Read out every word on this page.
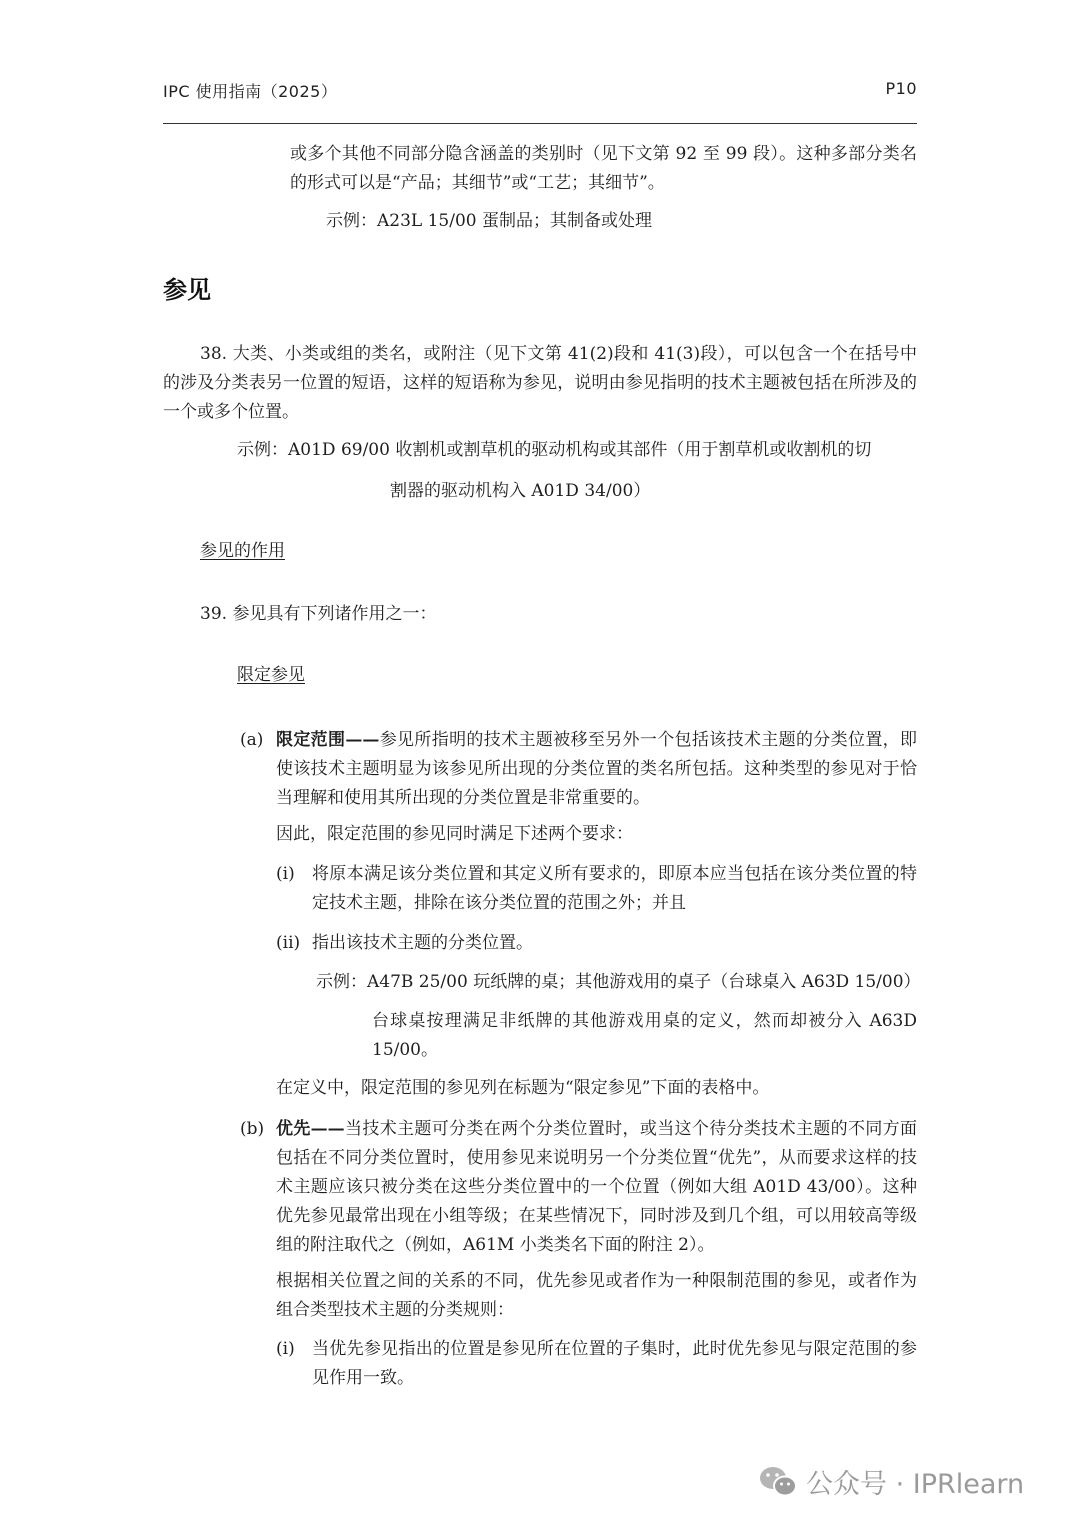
IPC 使用指南（2025）	P10

或多个其他不同部分隐含涵盖的类别时（见下文第 92 至 99 段）。这种多部分类名的形式可以是“产品；其细节”或“工艺；其细节”。

示例：A23L 15/00 蛋制品；其制备或处理

参见

38. 大类、小类或组的类名，或附注（见下文第 41(2)段和 41(3)段），可以包含一个在括号中的涉及分类表另一位置的短语，这样的短语称为参见，说明由参见指明的技术主题被包括在所涉及的一个或多个位置。

示例：A01D 69/00 收割机或割草机的驱动机构或其部件（用于割草机或收割机的切

割器的驱动机构入 A01D 34/00）

参见的作用

39. 参见具有下列诸作用之一：

限定参见

(a) 限定范围——参见所指明的技术主题被移至另外一个包括该技术主题的分类位置，即使该技术主题明显为该参见所出现的分类位置的类名所包括。这种类型的参见对于恰当理解和使用其所出现的分类位置是非常重要的。

因此，限定范围的参见同时满足下述两个要求：

(i) 将原本满足该分类位置和其定义所有要求的，即原本应当包括在该分类位置的特定技术主题，排除在该分类位置的范围之外；并且

(ii) 指出该技术主题的分类位置。

示例：A47B 25/00 玩纸牌的桌；其他游戏用的桌子（台球桌入 A63D 15/00）

台球桌按理满足非纸牌的其他游戏用桌的定义，然而却被分入 A63D 15/00。

在定义中，限定范围的参见列在标题为“限定参见”下面的表格中。

(b) 优先——当技术主题可分类在两个分类位置时，或当这个待分类技术主题的不同方面包括在不同分类位置时，使用参见来说明另一个分类位置“优先”，从而要求这样的技术主题应该只被分类在这些分类位置中的一个位置（例如大组 A01D 43/00）。这种优先参见最常出现在小组等级；在某些情况下，同时涉及到几个组，可以用较高等级组的附注取代之（例如，A61M 小类类名下面的附注 2）。

根据相关位置之间的关系的不同，优先参见或者作为一种限制范围的参见，或者作为组合类型技术主题的分类规则：

(i) 当优先参见指出的位置是参见所在位置的子集时，此时优先参见与限定范围的参见作用一致。

公众号 · IPRlearn
